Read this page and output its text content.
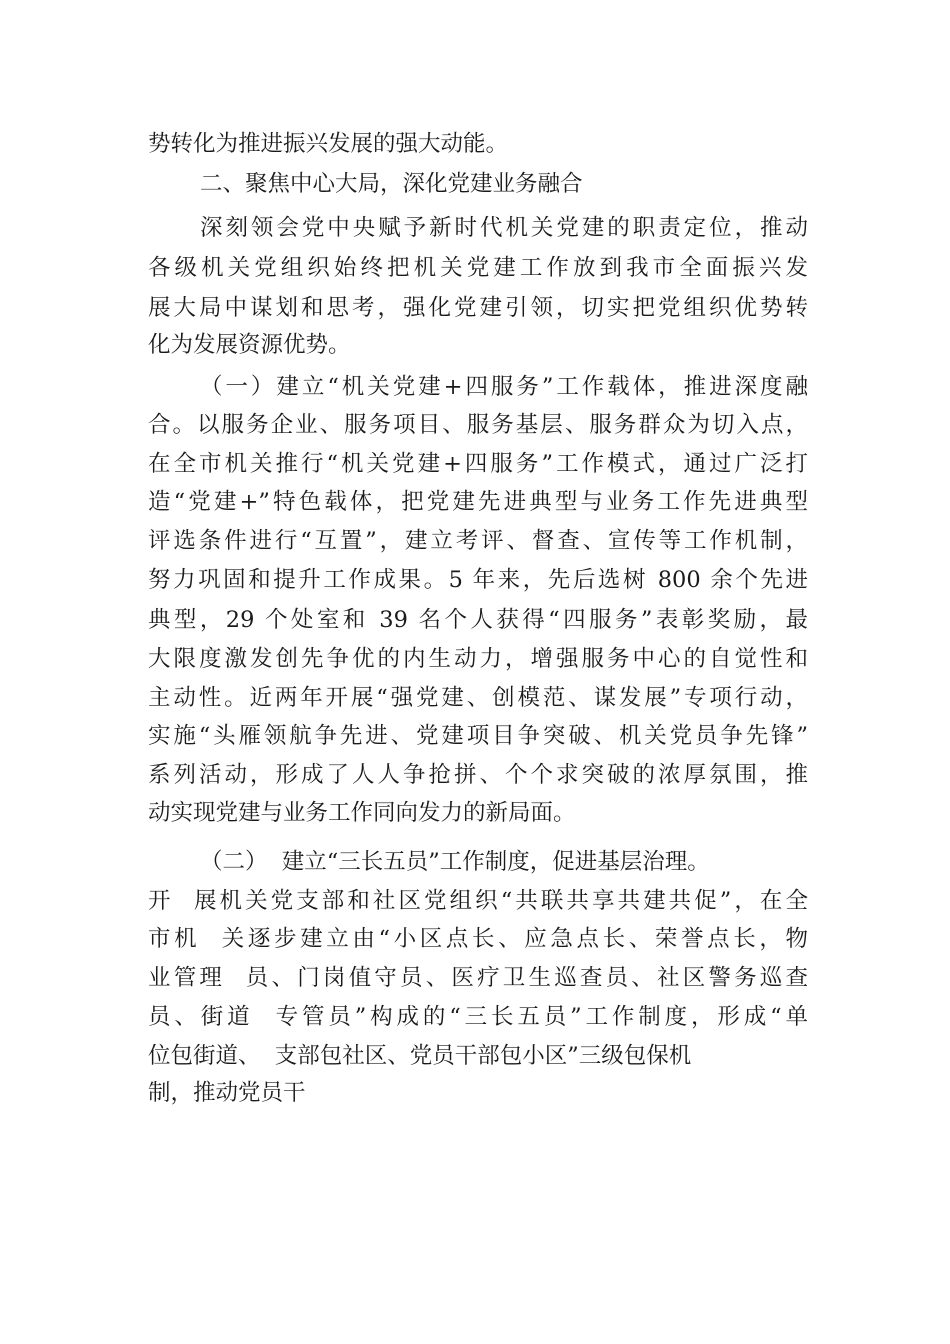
势转化为推进振兴发展的强大动能。
二、聚焦中心大局，深化党建业务融合
深刻领会党中央赋予新时代机关党建的职责定位，推动
各级机关党组织始终把机关党建工作放到我市全面振兴发
展大局中谋划和思考，强化党建引领，切实把党组织优势转
化为发展资源优势。
（一）建立“机关党建+四服务”工作载体，推进深度融
合。以服务企业、服务项目、服务基层、服务群众为切入点，
在全市机关推行“机关党建+四服务”工作模式，通过广泛打
造“党建+”特色载体，把党建先进典型与业务工作先进典型
评选条件进行“互置”，建立考评、督查、宣传等工作机制，
努力巩固和提升工作成果。5 年来，先后选树 800 余个先进
典型，29 个处室和 39 名个人获得“四服务”表彰奖励，最
大限度激发创先争优的内生动力，增强服务中心的自觉性和
主动性。近两年开展“强党建、创模范、谋发展”专项行动，
实施“头雁领航争先进、党建项目争突破、机关党员争先锋”
系列活动，形成了人人争抢拼、个个求突破的浓厚氛围，推
动实现党建与业务工作同向发力的新局面。
（二）  建立“三长五员”工作制度，促进基层治理。
开  展机关党支部和社区党组织“共联共享共建共促”，在全
市机  关逐步建立由“小区点长、应急点长、荣誉点长，物
业管理  员、门岗值守员、医疗卫生巡查员、社区警务巡查
员、街道  专管员”构成的“三长五员”工作制度，形成“单
位包街道、  支部包社区、党员干部包小区”三级包保机
制，推动党员干
